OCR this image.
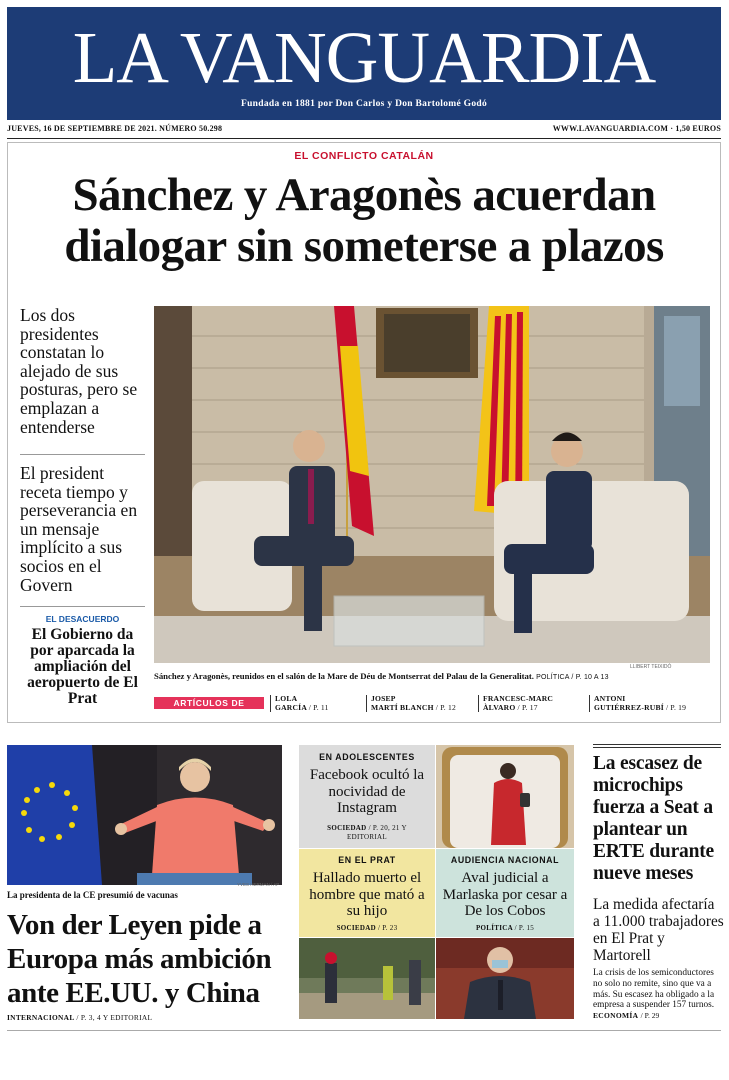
LA VANGUARDIA
Fundada en 1881 por Don Carlos y Don Bartolomé Godó
JUEVES, 16 DE SEPTIEMBRE DE 2021. NÚMERO 50.298	WWW.LAVANGUARDIA.COM · 1,50 EUROS
EL CONFLICTO CATALÁN
Sánchez y Aragonès acuerdan dialogar sin someterse a plazos
Los dos presidentes constatan lo alejado de sus posturas, pero se emplazan a entenderse
El president receta tiempo y perseverancia en un mensaje implícito a sus socios en el Govern
EL DESACUERDO
El Gobierno da por aparcada la ampliación del aeropuerto de El Prat
LLIBERT TEIXIDÓ
Sánchez y Aragonès, reunidos en el salón de la Mare de Déu de Montserrat del Palau de la Generalitat. POLÍTICA / P. 10 A 13
ARTÍCULOS DE	LOLA
GARCÍA / P. 11
JOSEP
MARTÍ BLANCH / P. 12
FRANCESC-MARC
ÀLVARO / P. 17
ANTONI
GUTIÉRREZ-RUBÍ / P. 19
YVES HERMAN / AP
La presidenta de la CE presumió de vacunas
Von der Leyen pide a Europa más ambición ante EE.UU. y China
INTERNACIONAL / P. 3, 4 Y EDITORIAL
EN ADOLESCENTES
Facebook ocultó la nocividad de Instagram
SOCIEDAD / P. 20, 21 Y
EDITORIAL
EN EL PRAT
Hallado muerto el hombre que mató a su hijo
SOCIEDAD / P. 23
AUDIENCIA NACIONAL
Aval judicial a Marlaska por cesar a De los Cobos
POLÍTICA / P. 15
La escasez de microchips fuerza a Seat a plantear un ERTE durante nueve meses
La medida afectaría a 11.000 trabajadores en El Prat y Martorell
La crisis de los semiconductores no solo no remite, sino que va a más. Su escasez ha obligado a la empresa a suspender 157 turnos. ECONOMÍA / P. 29
